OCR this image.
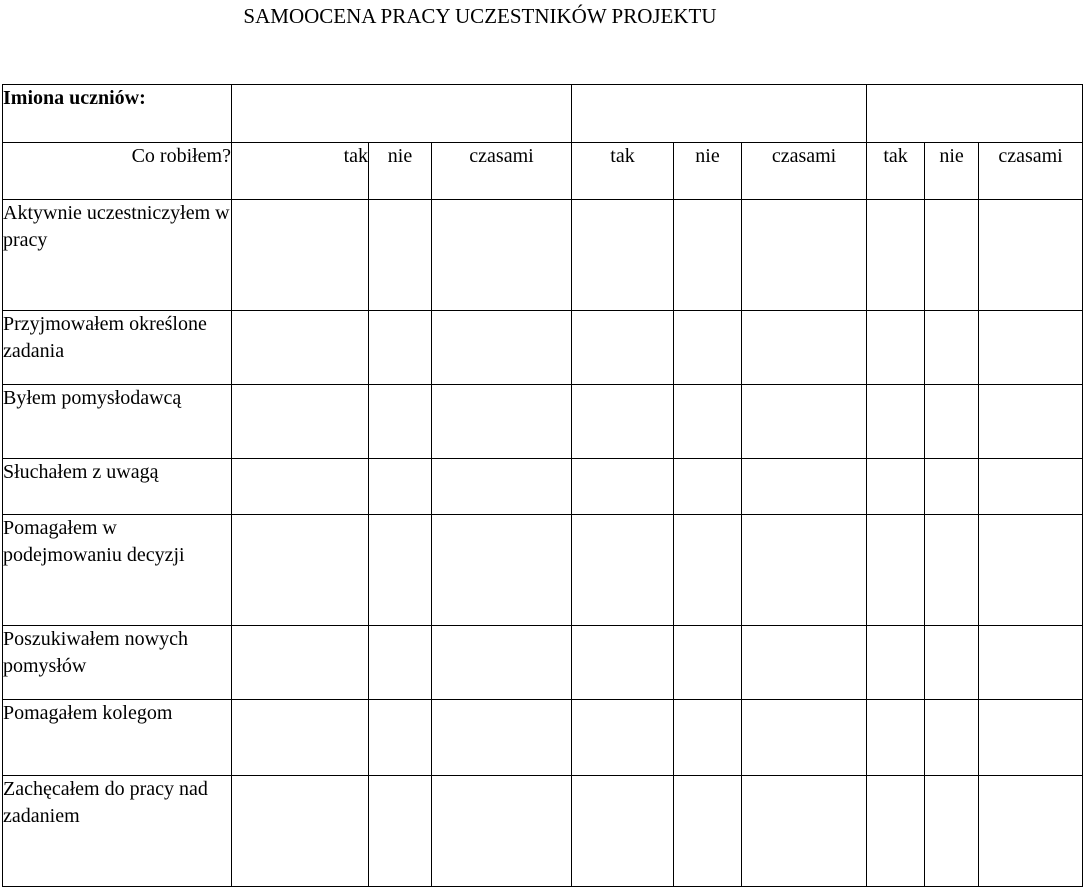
SAMOOCENA PRACY UCZESTNIKÓW PROJEKTU
Imiona uczniów:									
Co robiłem?	tak	nie	czasami	tak	nie	czasami	tak	nie	czasami
Aktywnie uczestniczyłem w pracy									
Przyjmowałem określone zadania									
Byłem pomysłodawcą									
Słuchałem z uwagą									
Pomagałem w podejmowaniu decyzji									
Poszukiwałem nowych pomysłów									
Pomagałem kolegom									
Zachęcałem do pracy nad zadaniem									
